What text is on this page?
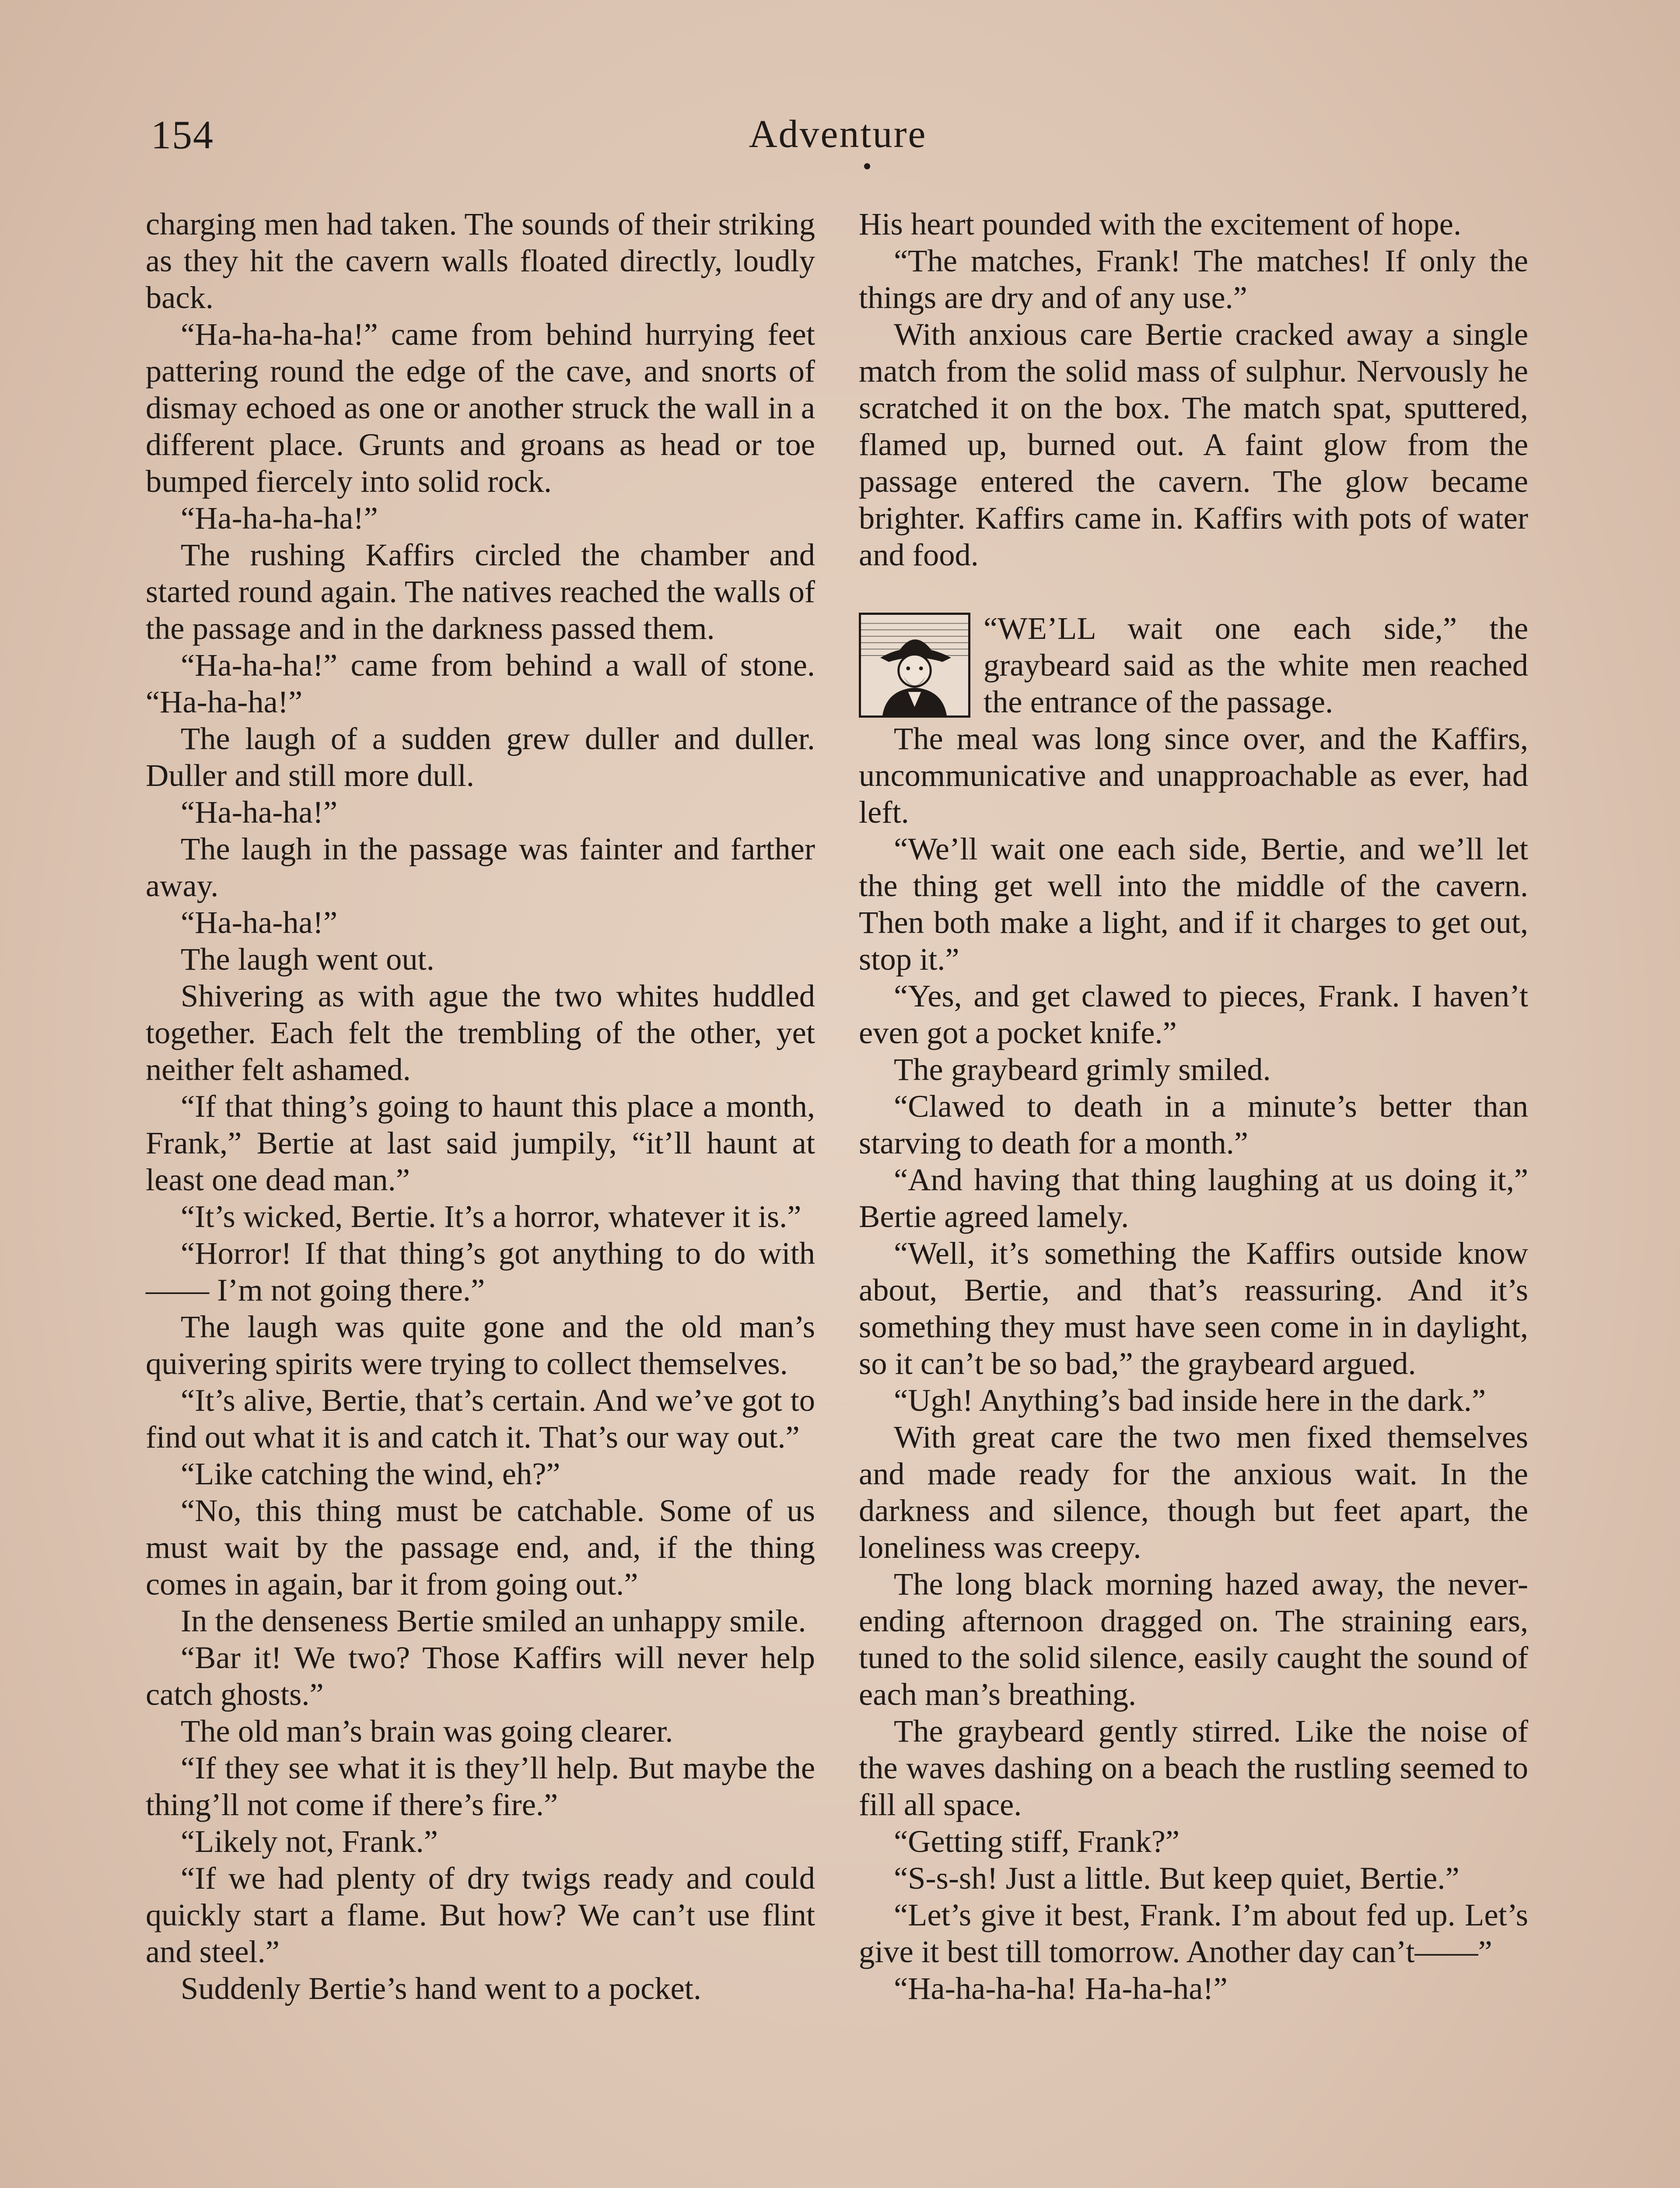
154	Adventure

charging men had taken. The sounds of their striking as they hit the cavern walls floated directly, loudly back.

“Ha-ha-ha-ha!” came from behind hurrying feet pattering round the edge of the cave, and snorts of dismay echoed as one or another struck the wall in a different place. Grunts and groans as head or toe bumped fiercely into solid rock.

“Ha-ha-ha-ha!”

The rushing Kaffirs circled the chamber and started round again. The natives reached the walls of the passage and in the darkness passed them.

“Ha-ha-ha!” came from behind a wall of stone. “Ha-ha-ha!”

The laugh of a sudden grew duller and duller. Duller and still more dull.

“Ha-ha-ha!”

The laugh in the passage was fainter and farther away.

“Ha-ha-ha!”

The laugh went out.

Shivering as with ague the two whites huddled together. Each felt the trembling of the other, yet neither felt ashamed.

“If that thing’s going to haunt this place a month, Frank,” Bertie at last said jumpily, “it’ll haunt at least one dead man.”

“It’s wicked, Bertie. It’s a horror, whatever it is.”

“Horror! If that thing’s got anything to do with —— I’m not going there.”

The laugh was quite gone and the old man’s quivering spirits were trying to collect themselves.

“It’s alive, Bertie, that’s certain. And we’ve got to find out what it is and catch it. That’s our way out.”

“Like catching the wind, eh?”

“No, this thing must be catchable. Some of us must wait by the passage end, and, if the thing comes in again, bar it from going out.”

In the denseness Bertie smiled an unhappy smile.

“Bar it! We two? Those Kaffirs will never help catch ghosts.”

The old man’s brain was going clearer.

“If they see what it is they’ll help. But maybe the thing’ll not come if there’s fire.”

“Likely not, Frank.”

“If we had plenty of dry twigs ready and could quickly start a flame. But how? We can’t use flint and steel.”

Suddenly Bertie’s hand went to a pocket.

His heart pounded with the excitement of hope.

“The matches, Frank! The matches! If only the things are dry and of any use.”

With anxious care Bertie cracked away a single match from the solid mass of sulphur. Nervously he scratched it on the box. The match spat, sputtered, flamed up, burned out. A faint glow from the passage entered the cavern. The glow became brighter. Kaffirs came in. Kaffirs with pots of water and food.

“WE’LL wait one each side,” the graybeard said as the white men reached the entrance of the passage.

The meal was long since over, and the Kaffirs, uncommunicative and unapproachable as ever, had left.

“We’ll wait one each side, Bertie, and we’ll let the thing get well into the middle of the cavern. Then both make a light, and if it charges to get out, stop it.”

“Yes, and get clawed to pieces, Frank. I haven’t even got a pocket knife.”

The graybeard grimly smiled.

“Clawed to death in a minute’s better than starving to death for a month.”

“And having that thing laughing at us doing it,” Bertie agreed lamely.

“Well, it’s something the Kaffirs outside know about, Bertie, and that’s reassuring. And it’s something they must have seen come in in daylight, so it can’t be so bad,” the graybeard argued.

“Ugh! Anything’s bad inside here in the dark.”

With great care the two men fixed themselves and made ready for the anxious wait. In the darkness and silence, though but feet apart, the loneliness was creepy.

The long black morning hazed away, the never-ending afternoon dragged on. The straining ears, tuned to the solid silence, easily caught the sound of each man’s breathing.

The graybeard gently stirred. Like the noise of the waves dashing on a beach the rustling seemed to fill all space.

“Getting stiff, Frank?”

“S-s-sh! Just a little. But keep quiet, Bertie.”

“Let’s give it best, Frank. I’m about fed up. Let’s give it best till tomorrow. Another day can’t——”

“Ha-ha-ha-ha! Ha-ha-ha!”
